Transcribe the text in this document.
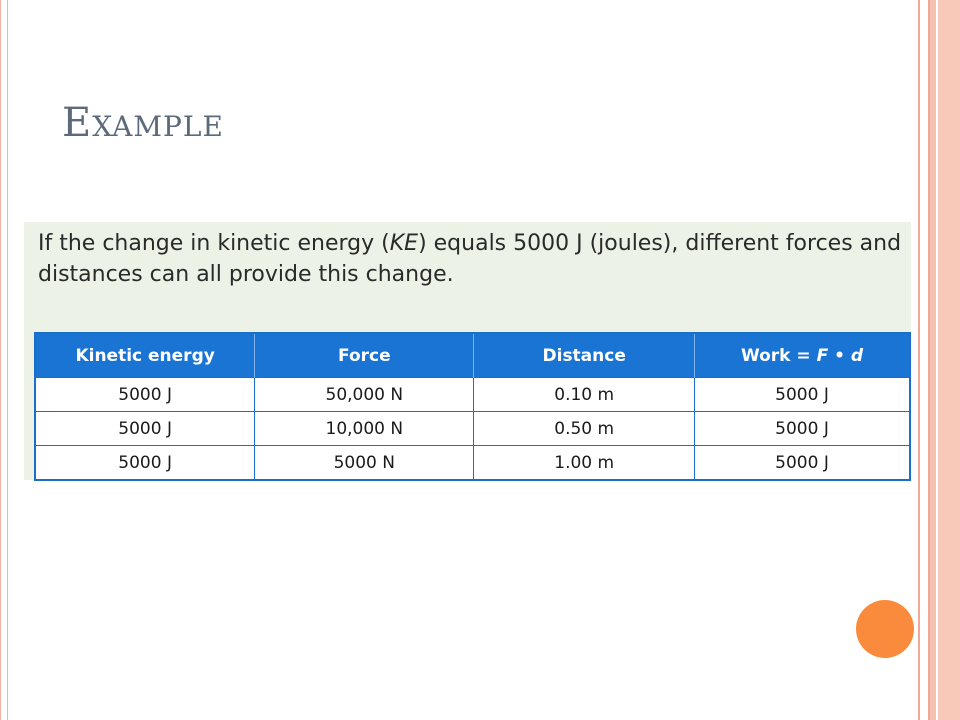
Example

If the change in kinetic energy (KE) equals 5000 J (joules), different forces and distances can all provide this change.

Kinetic energy	Force	Distance	Work = F • d
5000 J	50,000 N	0.10 m	5000 J
5000 J	10,000 N	0.50 m	5000 J
5000 J	5000 N	1.00 m	5000 J
